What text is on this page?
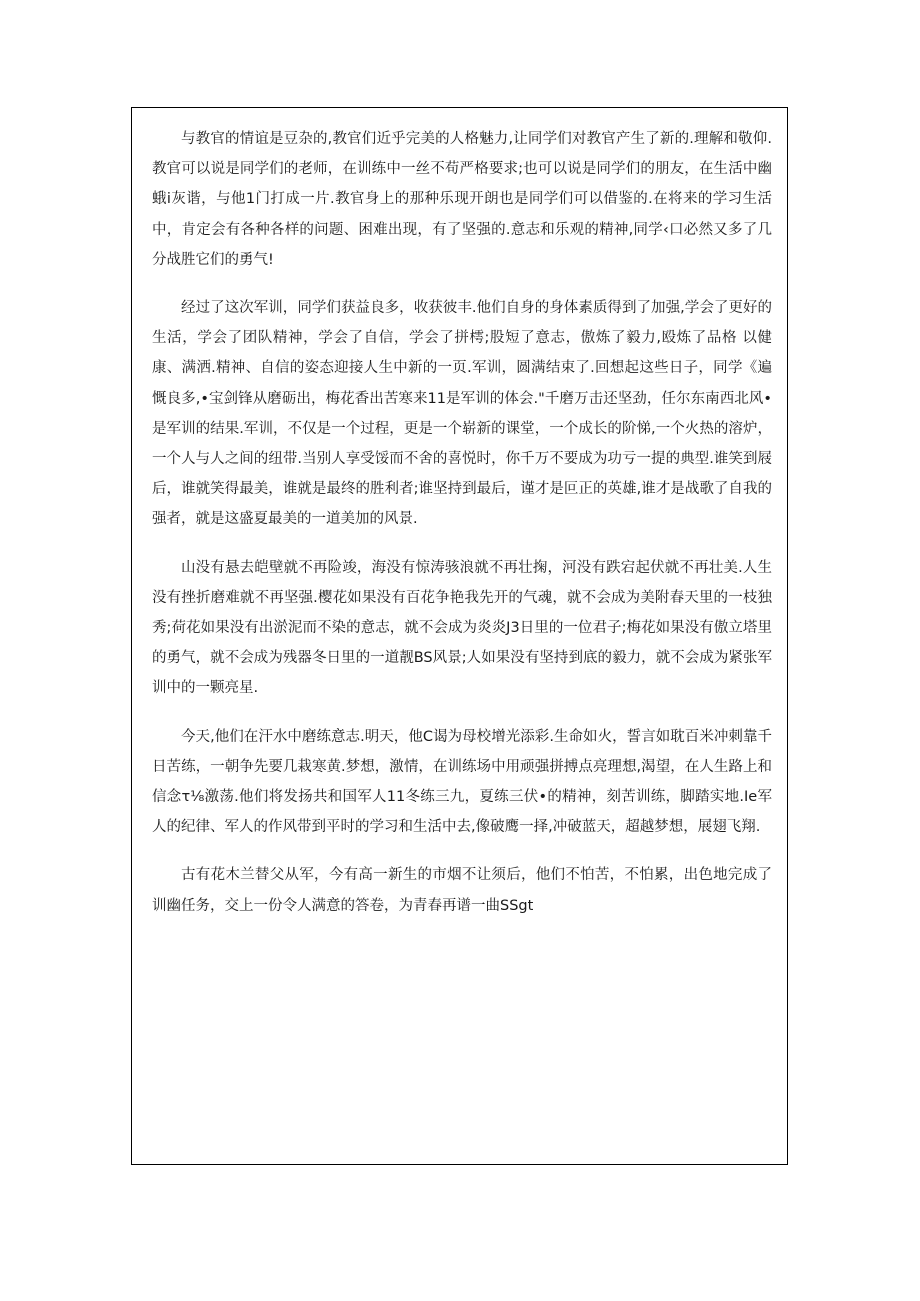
与教官的情谊是豆杂的,教官们近乎完美的人格魅力,让同学们对教官产生了新的.理解和敬仰.教官可以说是同学们的老师，在训练中一丝不苟严格要求;也可以说是同学们的朋友，在生活中幽蛾i灰谐，与他1门打成一片.教官身上的那种乐现开朗也是同学们可以借鉴的.在将来的学习生活中，肯定会有各种各样的问题、困难出现，有了坚强的.意志和乐观的精神,同学‹口必然又多了几分战胜它们的勇气!

经过了这次军训，同学们获益良多，收获彼丰.他们自身的身体素质得到了加强,学会了更好的生活，学会了团队精神，学会了自信，学会了拼樗;股短了意志，傲炼了毅力,殴炼了品格 以健康、满洒.精神、自信的姿态迎接人生中新的一页.军训，圆满结束了.回想起这些日子，同学《遍慨良多,•宝剑锋从磨砺出，梅花香出苦寒来11是军训的体会."千磨万击还坚劲，任尔东南西北风•是军训的结果.军训，不仅是一个过程，更是一个崭新的课堂，一个成长的阶悌,一个火热的溶炉，一个人与人之间的纽带.当别人享受馁而不舍的喜悦时，你千万不要成为功亏一提的典型.谁笑到屐后，谁就笑得最美，谁就是最终的胜利者;谁坚持到最后，谨才是叵正的英雄,谁才是战歌了自我的强者，就是这盛夏最美的一道美加的风景.

山没有悬去皑壁就不再险竣，海没有惊涛骇浪就不再壮掬，河没有跌宕起伏就不再壮美.人生没有挫折磨难就不再坚强.樱花如果没有百花争艳我先开的气魂，就不会成为美附春天里的一枝独秀;荷花如果没有出淤泥而不染的意志，就不会成为炎炎J3日里的一位君子;梅花如果没有傲立塔里的勇气，就不会成为残器冬日里的一道靓BS风景;人如果没有坚持到底的毅力，就不会成为紧张军训中的一颗亮星.

今天,他们在汗水中磨练意志.明天，他C谒为母校增光添彩.生命如火，誓言如耽百米冲刺靠千日苦练，一朝争先要几栽寒黄.梦想，激情，在训练场中用顽强拼搏点亮理想,渴望，在人生路上和信念τ⅛激荡.他们将发扬共和国军人11冬练三九，夏练三伏•的精神，刻苦训练，脚踏实地.Ie军人的纪律、军人的作风带到平时的学习和生活中去,像破鹰一择,冲破蓝天，超越梦想，展翅飞翔.

古有花木兰替父从军，今有高一新生的市烟不让须后，他们不怕苦，不怕累，出色地完成了训幽任务，交上一份令人满意的答卷，为青春再谱一曲SSgt
